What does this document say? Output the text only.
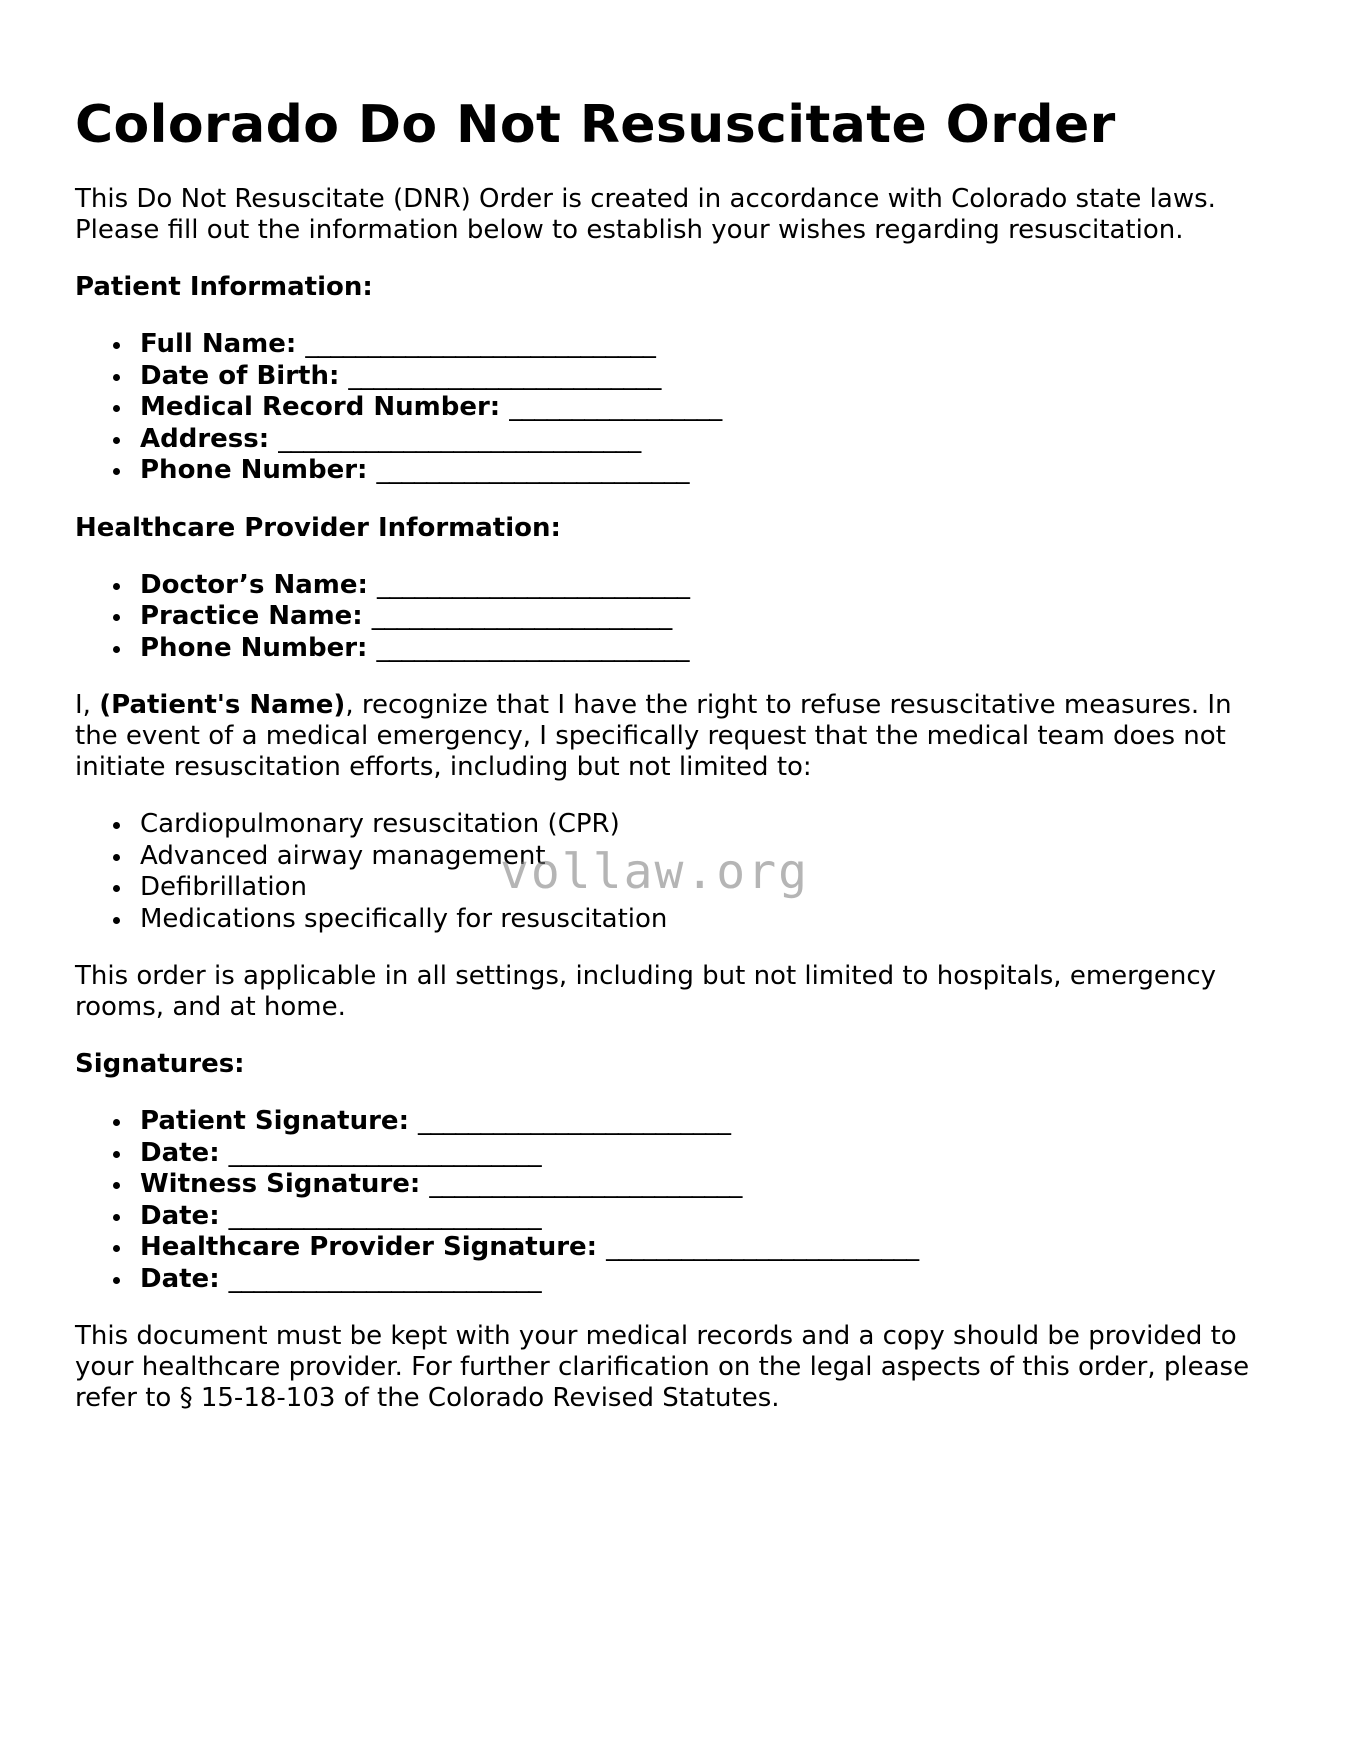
Colorado Do Not Resuscitate Order

This Do Not Resuscitate (DNR) Order is created in accordance with Colorado state laws. Please fill out the information below to establish your wishes regarding resuscitation.

Patient Information:

Full Name: ____________________________
Date of Birth: _________________________
Medical Record Number: _________________
Address: _____________________________
Phone Number: _________________________

Healthcare Provider Information:

Doctor’s Name: _________________________
Practice Name: ________________________
Phone Number: _________________________

I, (Patient's Name), recognize that I have the right to refuse resuscitative measures. In the event of a medical emergency, I specifically request that the medical team does not initiate resuscitation efforts, including but not limited to:

Cardiopulmonary resuscitation (CPR)
Advanced airway management
Defibrillation
Medications specifically for resuscitation

This order is applicable in all settings, including but not limited to hospitals, emergency rooms, and at home.

Signatures:

Patient Signature: _________________________
Date: _________________________
Witness Signature: _________________________
Date: _________________________
Healthcare Provider Signature: _________________________
Date: _________________________

This document must be kept with your medical records and a copy should be provided to your healthcare provider. For further clarification on the legal aspects of this order, please refer to § 15-18-103 of the Colorado Revised Statutes.

vollaw.org
